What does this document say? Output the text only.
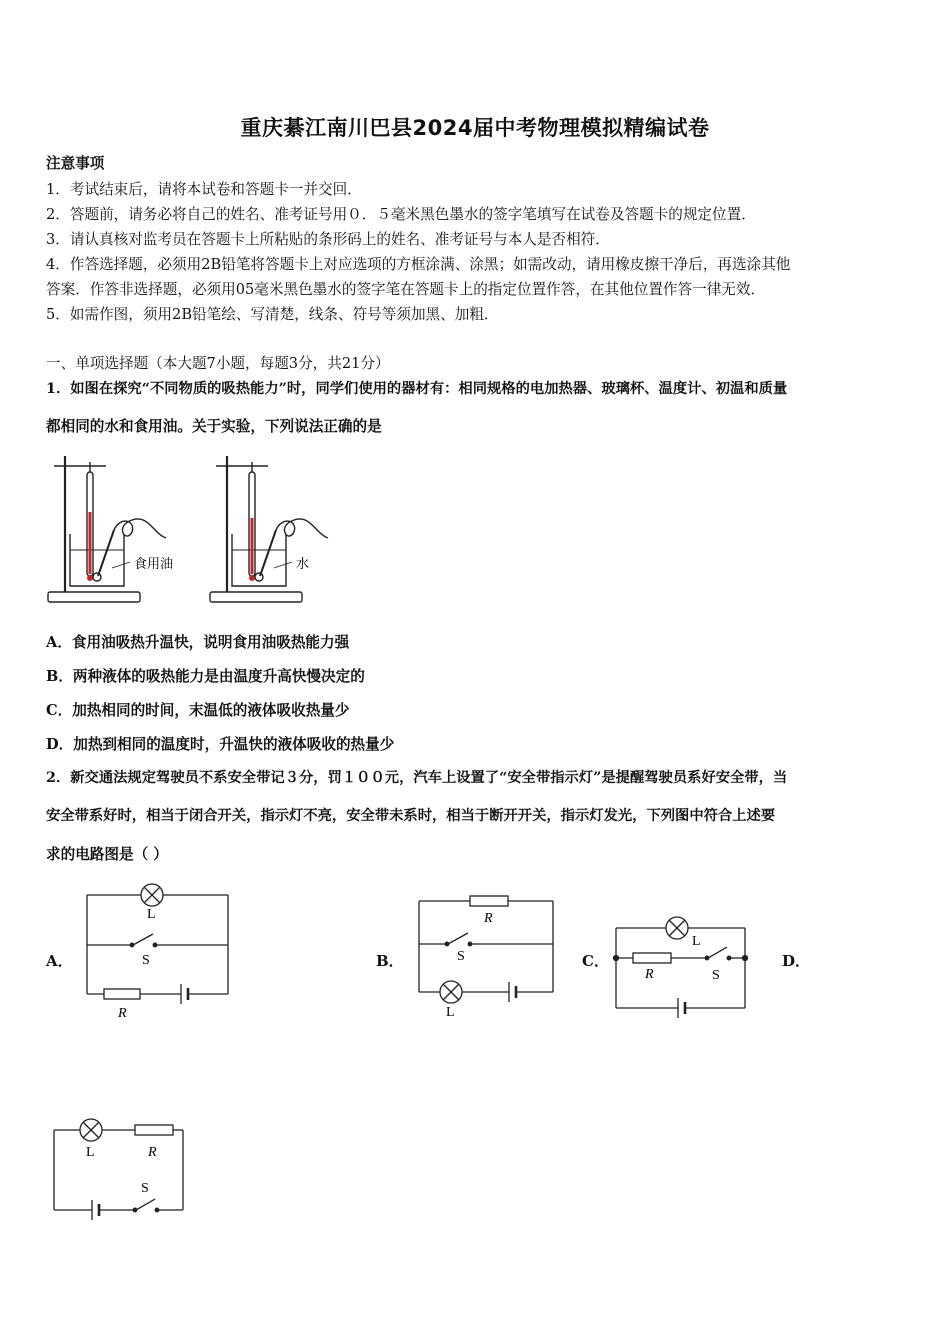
重庆綦江南川巴县2024届中考物理模拟精编试卷
注意事项
1．考试结束后，请将本试卷和答题卡一并交回．
2．答题前，请务必将自己的姓名、准考证号用０．５毫米黑色墨水的签字笔填写在试卷及答题卡的规定位置．
3．请认真核对监考员在答题卡上所粘贴的条形码上的姓名、准考证号与本人是否相符．
4．作答选择题，必须用2B铅笔将答题卡上对应选项的方框涂满、涂黑；如需改动，请用橡皮擦干净后，再选涂其他
答案．作答非选择题，必须用05毫米黑色墨水的签字笔在答题卡上的指定位置作答，在其他位置作答一律无效．
5．如需作图，须用2B铅笔绘、写清楚，线条、符号等须加黑、加粗．
一、单项选择题（本大题7小题，每题3分，共21分）
1．如图在探究“不同物质的吸热能力”时，同学们使用的器材有：相同规格的电加热器、玻璃杯、温度计、初温和质量
都相同的水和食用油。关于实验，下列说法正确的是
食用油	水
A．食用油吸热升温快，说明食用油吸热能力强
B．两种液体的吸热能力是由温度升高快慢决定的
C．加热相同的时间，末温低的液体吸收热量少
D．加热到相同的温度时，升温快的液体吸收的热量少
2．新交通法规定驾驶员不系安全带记３分，罚１００元，汽车上设置了“安全带指示灯”是提醒驾驶员系好安全带，当
安全带系好时，相当于闭合开关，指示灯不亮，安全带未系时，相当于断开开关，指示灯发光，下列图中符合上述要
求的电路图是（ ）
A．	B．	C．	D．
L
S
R
R
S
L
L
R	S
L	R
S
